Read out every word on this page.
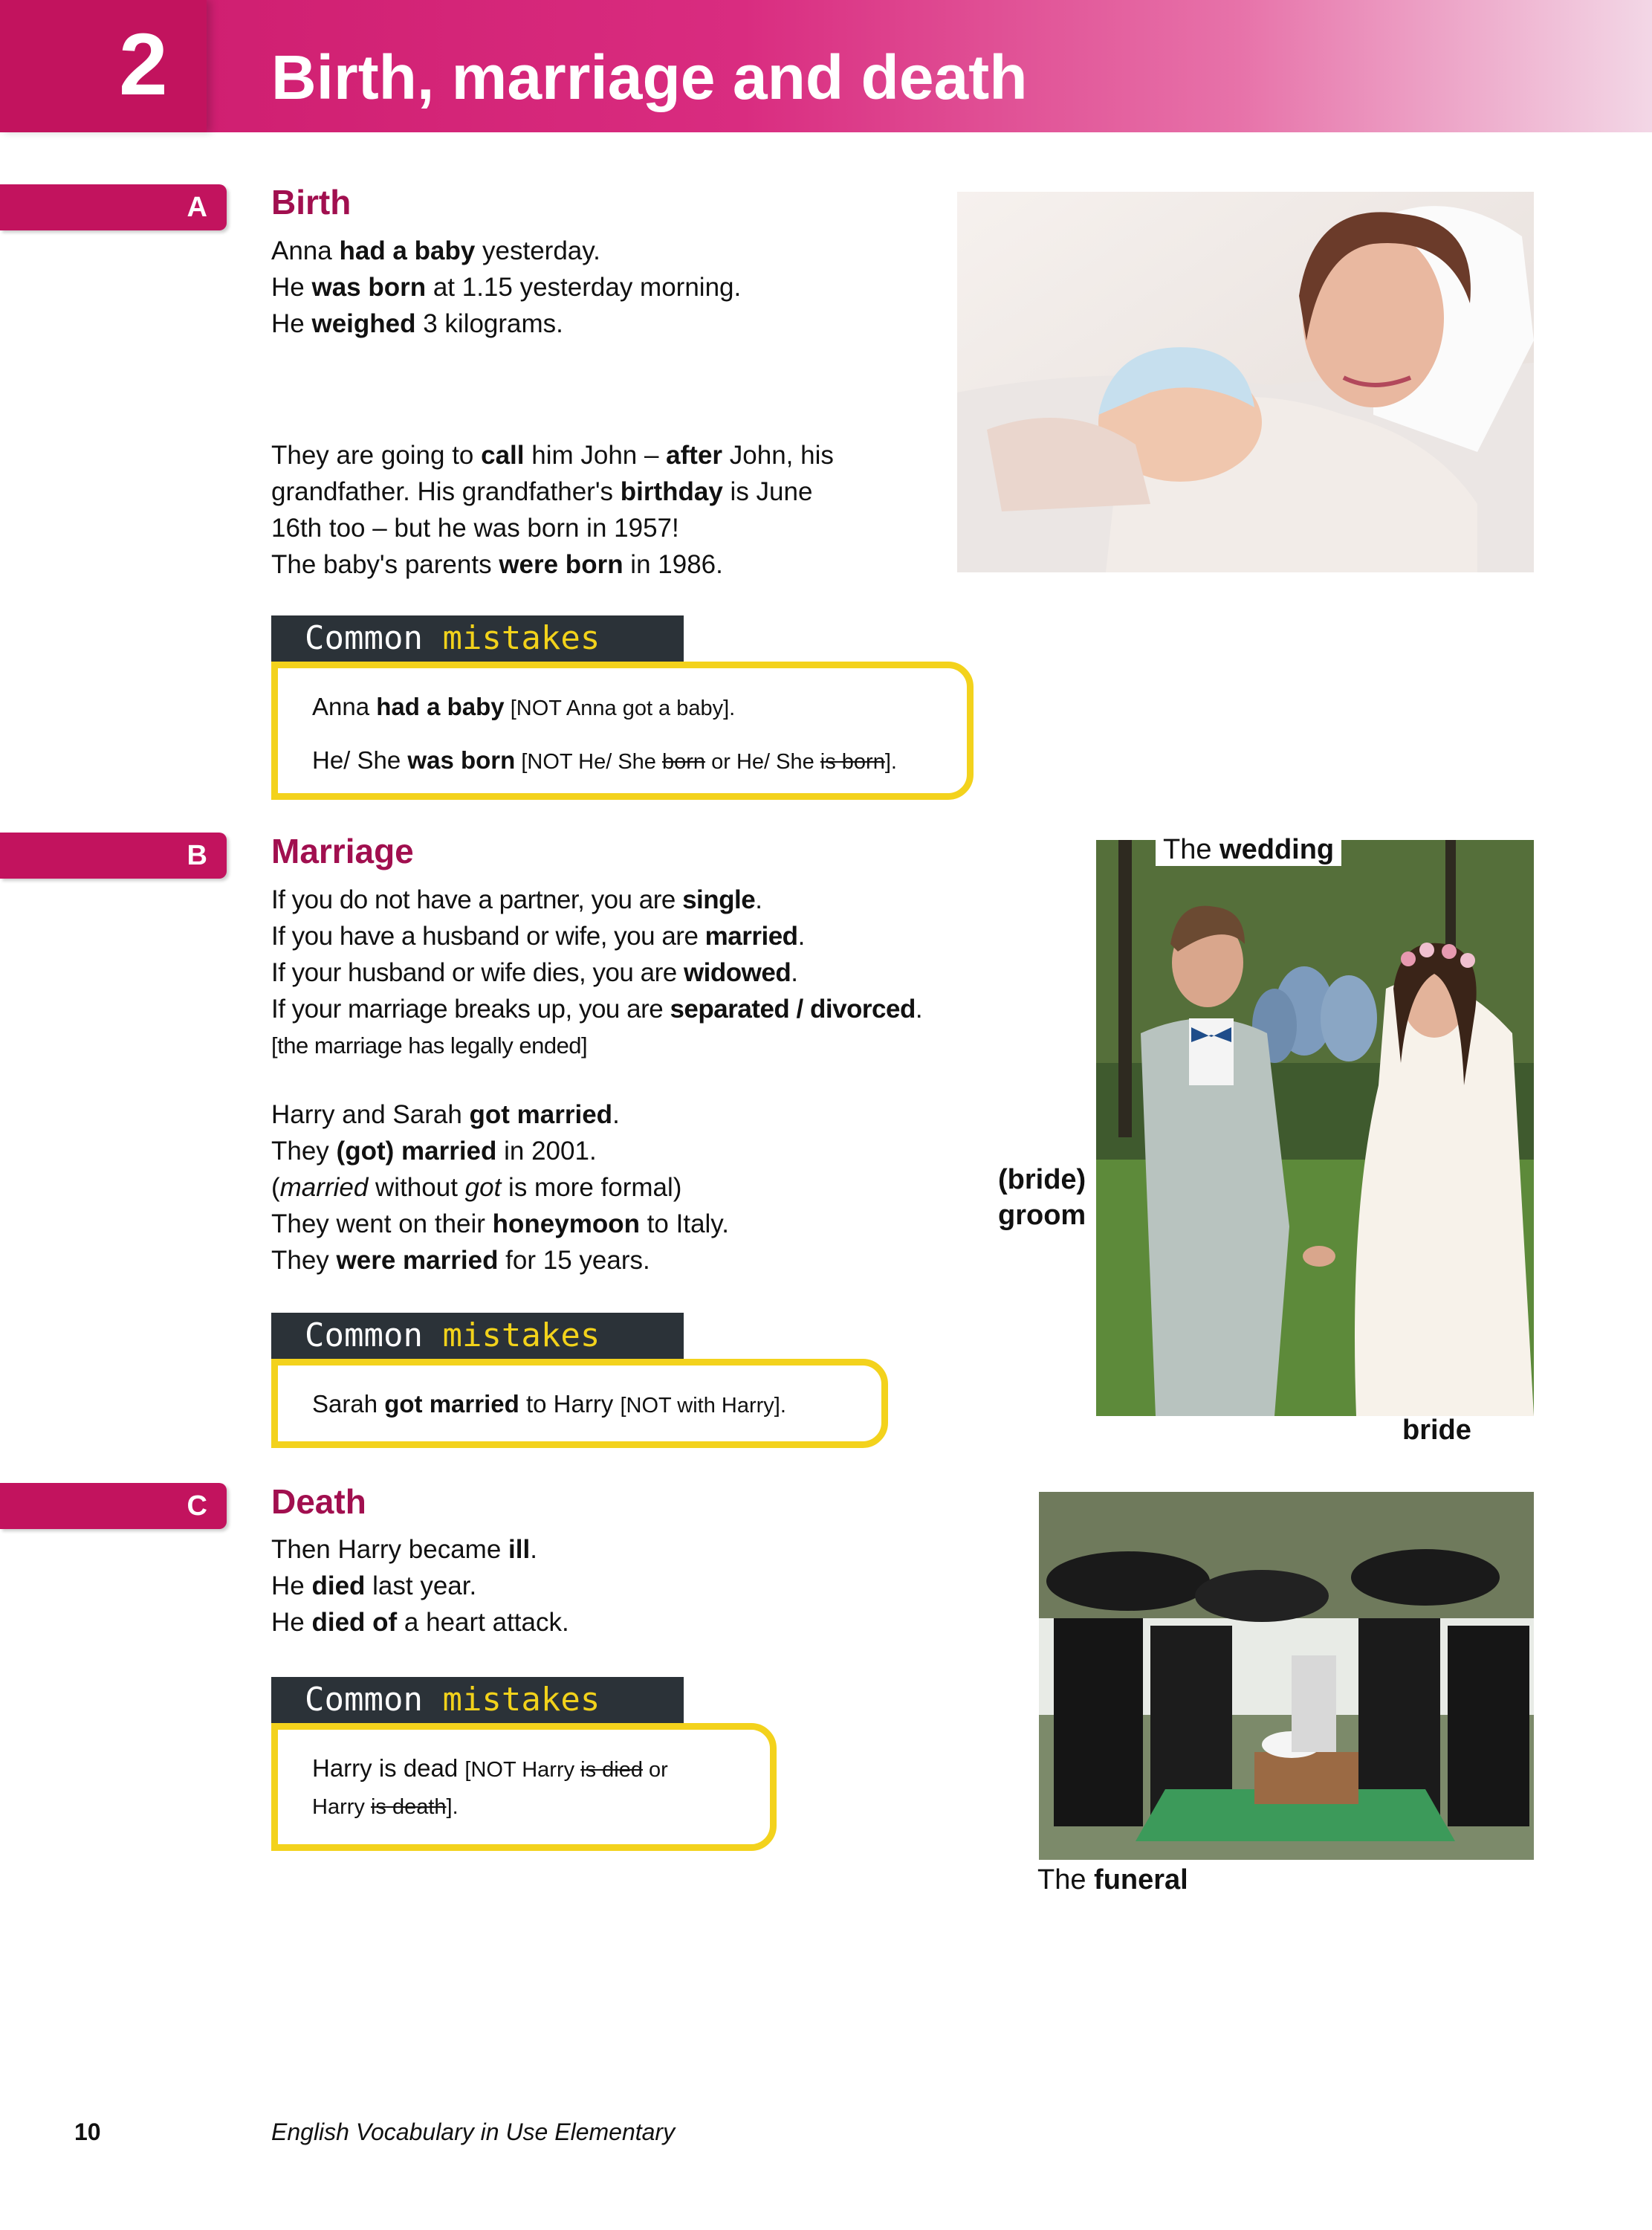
2 Birth, marriage and death
A Birth

Anna had a baby yesterday.

He was born at 1.15 yesterday morning.

He weighed 3 kilograms.

They are going to call him John – after John, his

grandfather. His grandfather's birthday is June

16th too – but he was born in 1957!

The baby's parents were born in 1986.

Common mistakes

Anna had a baby [NOT Anna got a baby].

He/ She was born [NOT He/ She born or He/ She is born].

B Marriage

If you do not have a partner, you are single.

If you have a husband or wife, you are married.

If your husband or wife dies, you are widowed.

If your marriage breaks up, you are separated / divorced.

[the marriage has legally ended]

Harry and Sarah got married.

They (got) married in 2001.

(married without got is more formal)

They went on their honeymoon to Italy.

They were married for 15 years.

Common mistakes

Sarah got married to Harry [NOT with Harry].

The wedding
(bride)
groom
bride
C Death

Then Harry became ill.

He died last year.

He died of a heart attack.

Common mistakes

Harry is dead [NOT Harry is died or

Harry is death].

The funeral
10	English Vocabulary in Use Elementary
